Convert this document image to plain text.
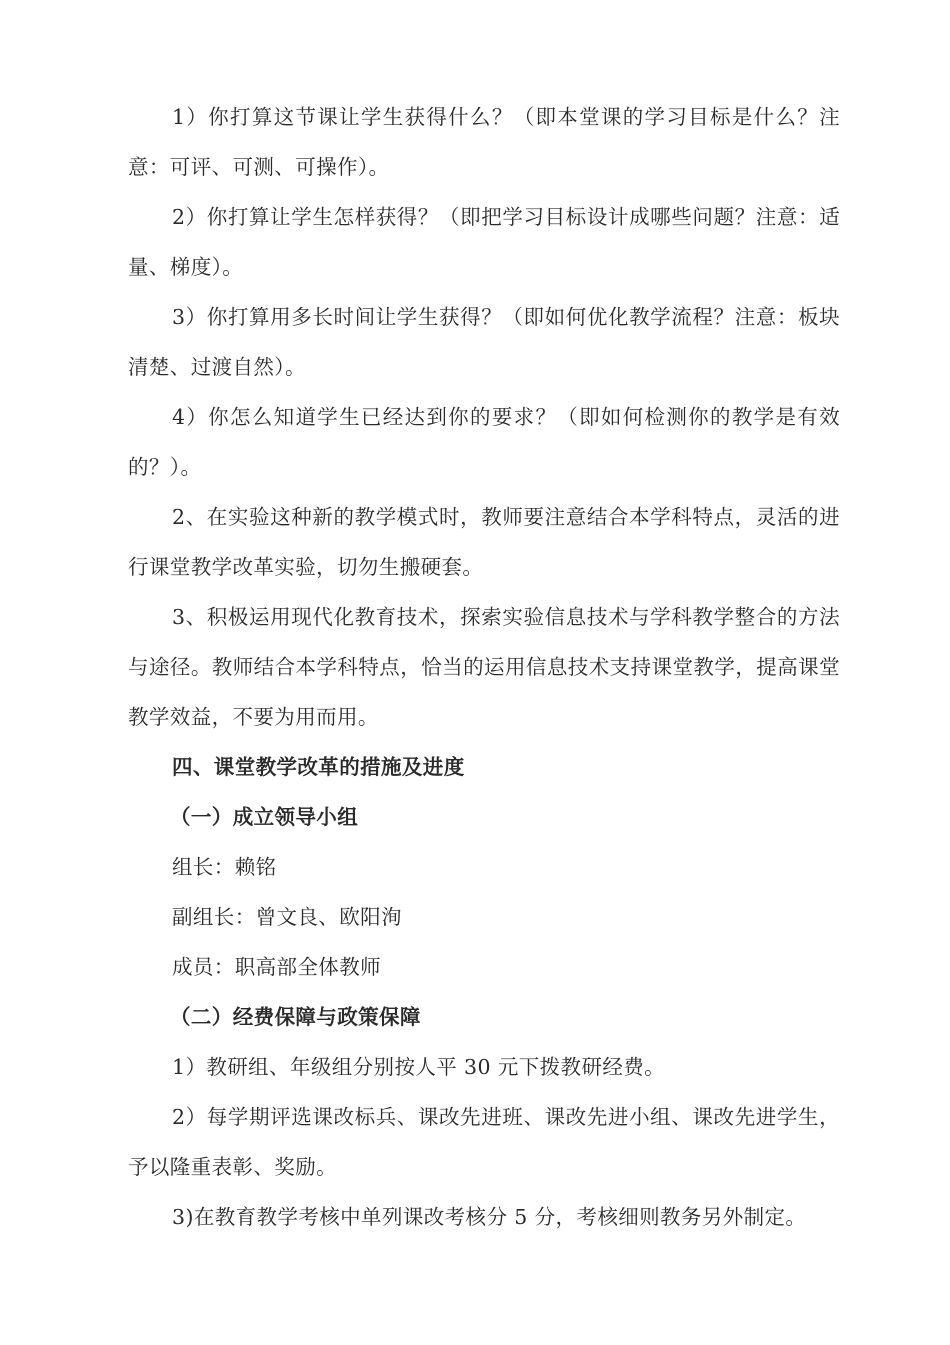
1）你打算这节课让学生获得什么？（即本堂课的学习目标是什么？注意：可评、可测、可操作）。

2）你打算让学生怎样获得？（即把学习目标设计成哪些问题？注意：适量、梯度）。

3）你打算用多长时间让学生获得？（即如何优化教学流程？注意：板块清楚、过渡自然）。

4）你怎么知道学生已经达到你的要求？（即如何检测你的教学是有效的？）。

2、在实验这种新的教学模式时，教师要注意结合本学科特点，灵活的进行课堂教学改革实验，切勿生搬硬套。

3、积极运用现代化教育技术，探索实验信息技术与学科教学整合的方法与途径。教师结合本学科特点，恰当的运用信息技术支持课堂教学，提高课堂教学效益，不要为用而用。

四、课堂教学改革的措施及进度

（一）成立领导小组

组长：赖铭

副组长：曾文良、欧阳洵

成员：职高部全体教师

（二）经费保障与政策保障

1）教研组、年级组分别按人平 30 元下拨教研经费。

2）每学期评选课改标兵、课改先进班、课改先进小组、课改先进学生，予以隆重表彰、奖励。

3)在教育教学考核中单列课改考核分 5 分，考核细则教务另外制定。
